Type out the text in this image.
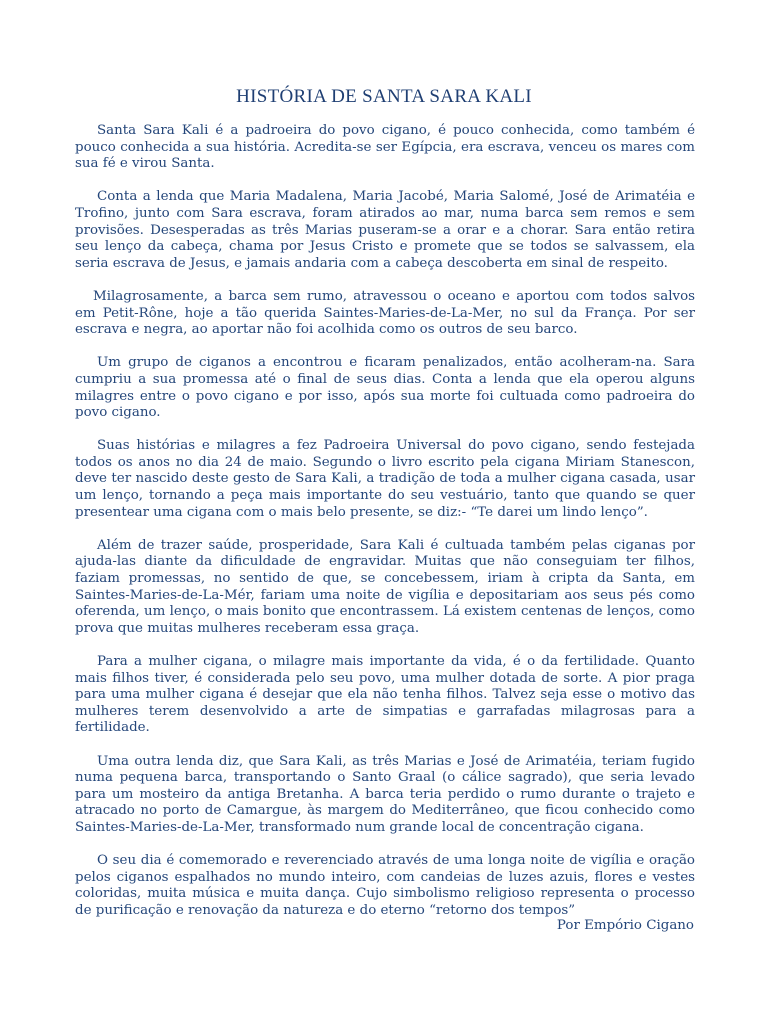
HISTÓRIA DE SANTA SARA KALI

Santa Sara Kali é a padroeira do povo cigano, é pouco conhecida, como também é pouco conhecida a sua história. Acredita-se ser Egípcia, era escrava, venceu os mares com sua fé e virou Santa.

Conta a lenda que Maria Madalena, Maria Jacobé, Maria Salomé, José de Arimatéia e Trofino, junto com Sara escrava, foram atirados ao mar, numa barca sem remos e sem provisões. Desesperadas as três Marias puseram-se a orar e a chorar. Sara então retira seu lenço da cabeça, chama por Jesus Cristo e promete que se todos se salvassem, ela seria escrava de Jesus, e jamais andaria com a cabeça descoberta em sinal de respeito.

Milagrosamente, a barca sem rumo, atravessou o oceano e aportou com todos salvos em Petit-Rône, hoje a tão querida Saintes-Maries-de-La-Mer, no sul da França. Por ser escrava e negra, ao aportar não foi acolhida como os outros de seu barco.

Um grupo de ciganos a encontrou e ficaram penalizados, então acolheram-na. Sara cumpriu a sua promessa até o final de seus dias. Conta a lenda que ela operou alguns milagres entre o povo cigano e por isso, após sua morte foi cultuada como padroeira do povo cigano.

Suas histórias e milagres a fez Padroeira Universal do povo cigano, sendo festejada todos os anos no dia 24 de maio. Segundo o livro escrito pela cigana Miriam Stanescon, deve ter nascido deste gesto de Sara Kali, a tradição de toda a mulher cigana casada, usar um lenço, tornando a peça mais importante do seu vestuário, tanto que quando se quer presentear uma cigana com o mais belo presente, se diz:- “Te darei um lindo lenço”.

Além de trazer saúde, prosperidade, Sara Kali é cultuada também pelas ciganas por ajuda-las diante da dificuldade de engravidar. Muitas que não conseguiam ter filhos, faziam promessas, no sentido de que, se concebessem, iriam à cripta da Santa, em Saintes-Maries-de-La-Mér, fariam uma noite de vigília e depositariam aos seus pés como oferenda, um lenço, o mais bonito que encontrassem. Lá existem centenas de lenços, como prova que muitas mulheres receberam essa graça.

Para a mulher cigana, o milagre mais importante da vida, é o da fertilidade. Quanto mais filhos tiver, é considerada pelo seu povo, uma mulher dotada de sorte. A pior praga para uma mulher cigana é desejar que ela não tenha filhos. Talvez seja esse o motivo das mulheres terem desenvolvido a arte de simpatias e garrafadas milagrosas para a fertilidade.

Uma outra lenda diz, que Sara Kali, as três Marias e José de Arimatéia, teriam fugido numa pequena barca, transportando o Santo Graal (o cálice sagrado), que seria levado para um mosteiro da antiga Bretanha. A barca teria perdido o rumo durante o trajeto e atracado no porto de Camargue, às margem do Mediterrâneo, que ficou conhecido como Saintes-Maries-de-La-Mer, transformado num grande local de concentração cigana.

O seu dia é comemorado e reverenciado através de uma longa noite de vigília e oração pelos ciganos espalhados no mundo inteiro, com candeias de luzes azuis, flores e vestes coloridas, muita música e muita dança. Cujo simbolismo religioso representa o processo de purificação e renovação da natureza e do eterno “retorno dos tempos”

Por Empório Cigano
